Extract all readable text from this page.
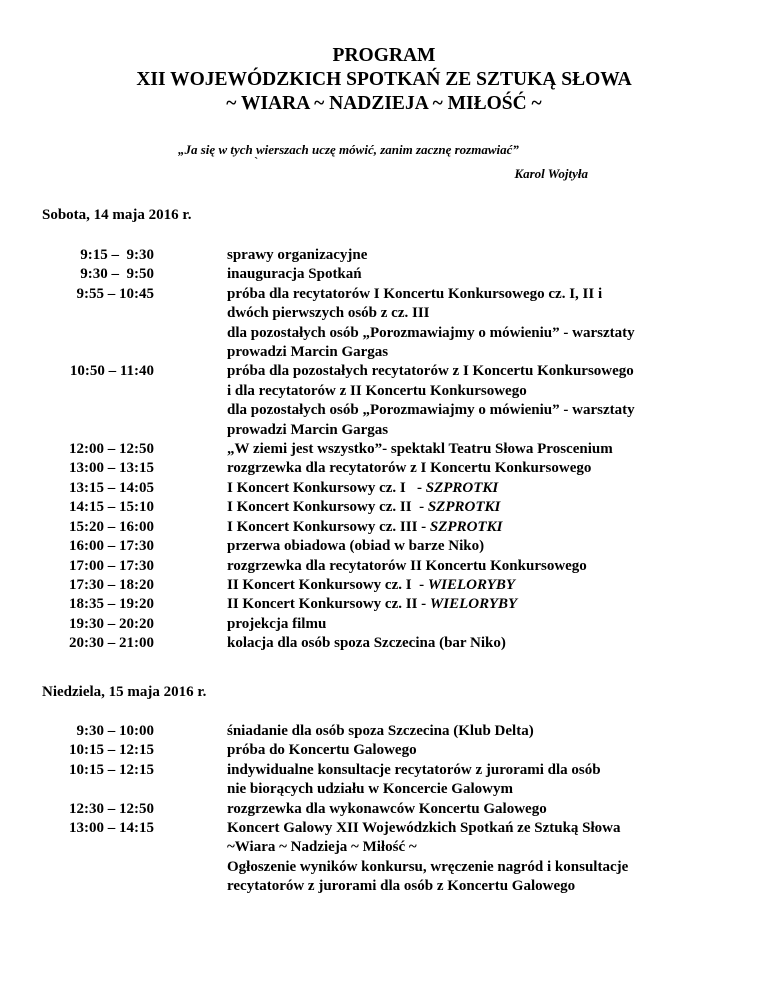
PROGRAM
XII WOJEWÓDZKICH SPOTKAŃ ZE SZTUKĄ SŁOWA
~ WIARA ~ NADZIEJA ~ MIŁOŚĆ ~
„Ja się w tych wierszach uczę mówić, zanim zacznę rozmawiać”
`
Karol Wojtyła
Sobota, 14 maja 2016 r.
9:15 –  9:30	sprawy organizacyjne

9:30 –  9:50	inauguracja Spotkań

9:55 – 10:45	próba dla recytatorów I Koncertu Konkursowego cz. I, II i

dwóch pierwszych osób z cz. III

dla pozostałych osób „Porozmawiajmy o mówieniu” - warsztaty

prowadzi Marcin Gargas

10:50 – 11:40	próba dla pozostałych recytatorów z I Koncertu Konkursowego

i dla recytatorów z II Koncertu Konkursowego

dla pozostałych osób „Porozmawiajmy o mówieniu” - warsztaty

prowadzi Marcin Gargas

12:00 – 12:50	„W ziemi jest wszystko”- spektakl Teatru Słowa Proscenium

13:00 – 13:15	rozgrzewka dla recytatorów z I Koncertu Konkursowego

13:15 – 14:05	I Koncert Konkursowy cz. I   - SZPROTKI

14:15 – 15:10	I Koncert Konkursowy cz. II  - SZPROTKI

15:20 – 16:00	I Koncert Konkursowy cz. III - SZPROTKI

16:00 – 17:30	przerwa obiadowa (obiad w barze Niko)

17:00 – 17:30	rozgrzewka dla recytatorów II Koncertu Konkursowego

17:30 – 18:20	II Koncert Konkursowy cz. I  - WIELORYBY

18:35 – 19:20	II Koncert Konkursowy cz. II - WIELORYBY

19:30 – 20:20	projekcja filmu

20:30 – 21:00	kolacja dla osób spoza Szczecina (bar Niko)

Niedziela, 15 maja 2016 r.
9:30 – 10:00	śniadanie dla osób spoza Szczecina (Klub Delta)

10:15 – 12:15	próba do Koncertu Galowego

10:15 – 12:15	indywidualne konsultacje recytatorów z jurorami dla osób

nie biorących udziału w Koncercie Galowym

12:30 – 12:50	rozgrzewka dla wykonawców Koncertu Galowego

13:00 – 14:15	Koncert Galowy XII Wojewódzkich Spotkań ze Sztuką Słowa

~Wiara ~ Nadzieja ~ Miłość ~

Ogłoszenie wyników konkursu, wręczenie nagród i konsultacje

recytatorów z jurorami dla osób z Koncertu Galowego
